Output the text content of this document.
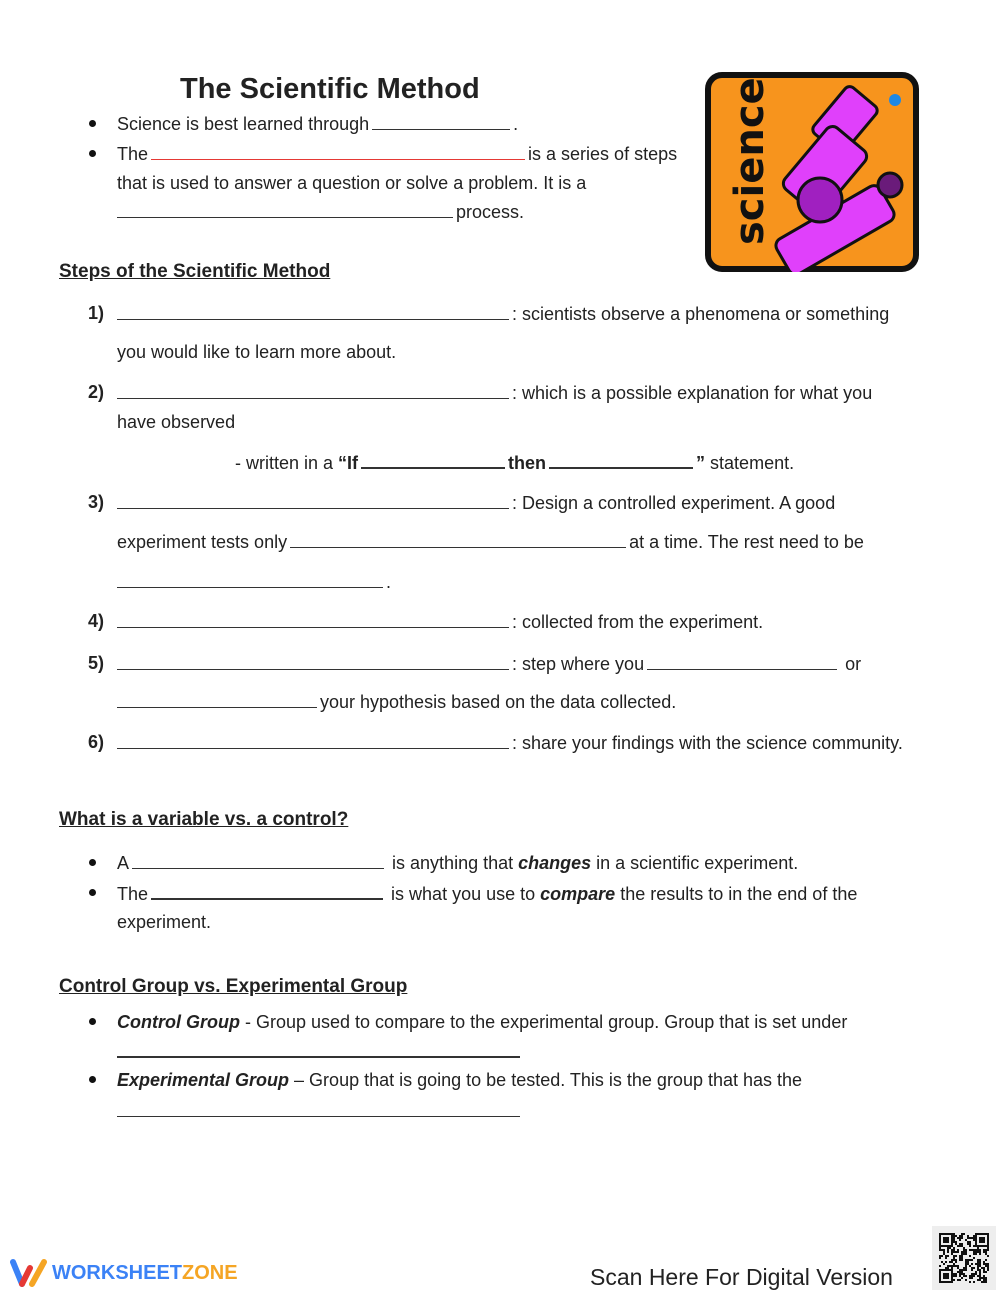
The Scientific Method
Science is best learned through	.
The	is a series of steps
that is used to answer a question or solve a problem. It is a
process.	science
Steps of the Scientific Method
1)	: scientists observe a phenomena or something
you would like to learn more about.
2)	: which is a possible explanation for what you
have observed
- written in a “If	then	” statement.
3)	: Design a controlled experiment. A good
experiment tests only	at a time. The rest need to be
.
4)	: collected from the experiment.
5)	: step where you	or
your hypothesis based on the data collected.
6)	: share your findings with the science community.
What is a variable vs. a control?
A	is anything that changes in a scientific experiment.
The	is what you use to compare the results to in the end of the
experiment.
Control Group vs. Experimental Group
Control Group - Group used to compare to the experimental group. Group that is set under
Experimental Group – Group that is going to be tested. This is the group that has the
WORKSHEET ZONE	Scan Here For Digital Version
